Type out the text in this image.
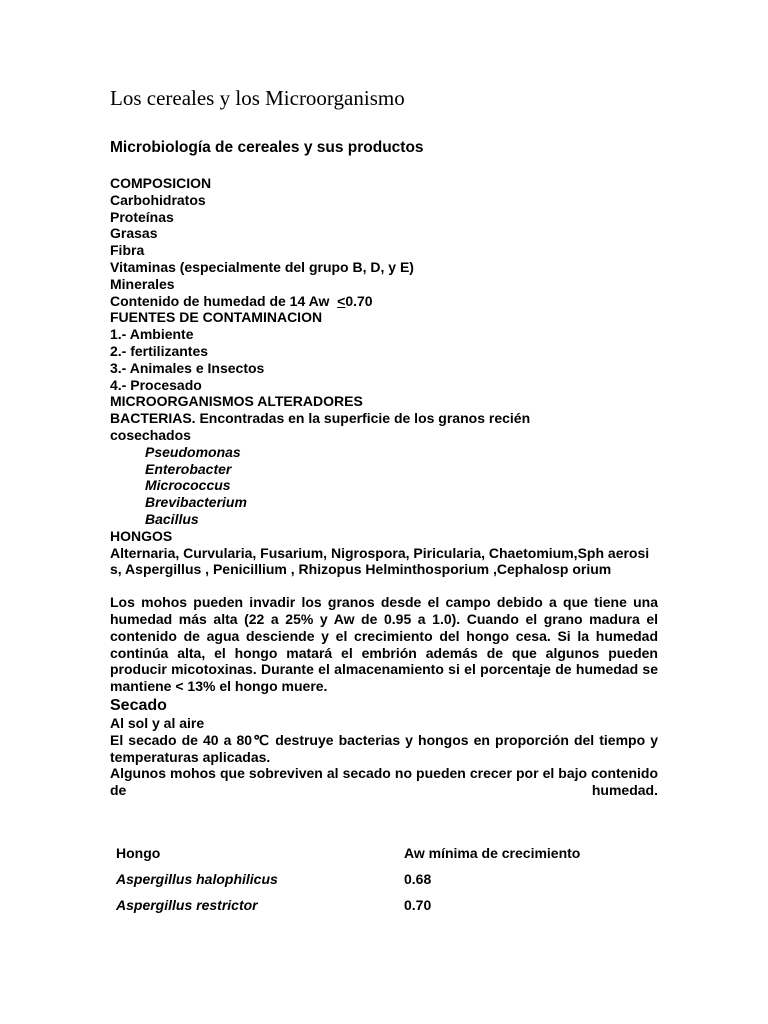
Los cereales y los Microorganismo
Microbiología de cereales y sus productos
COMPOSICION
Carbohidratos
Proteínas
Grasas
Fibra
Vitaminas (especialmente del grupo B, D, y E)
Minerales
Contenido de humedad de 14 Aw  <0.70
FUENTES DE CONTAMINACION
1.- Ambiente
2.- fertilizantes
3.- Animales e Insectos
4.- Procesado
MICROORGANISMOS ALTERADORES
BACTERIAS. Encontradas en la superficie de los granos recién
cosechados
Pseudomonas
Enterobacter
Micrococcus
Brevibacterium
Bacillus
HONGOS
Alternaria, Curvularia, Fusarium, Nigrospora, Piricularia, Chaetomium,Sph aerosis, Aspergillus , Penicillium , Rhizopus Helminthosporium ,Cephalosp orium
Los mohos pueden invadir los granos desde el campo debido a que tiene una humedad más alta (22 a 25% y Aw de 0.95 a 1.0). Cuando el grano madura el contenido de agua desciende y el crecimiento del hongo cesa. Si la humedad continúa alta, el hongo matará el embrión además de que algunos pueden producir micotoxinas. Durante el almacenamiento si el porcentaje de humedad se mantiene < 13% el hongo muere.
Secado
Al sol y al aire
El secado de 40 a 80℃ destruye bacterias y hongos en proporción del tiempo y temperaturas aplicadas.
Algunos mohos que sobreviven al secado no pueden crecer por el bajo contenido de humedad.
Hongo	Aw mínima de crecimiento
Aspergillus halophilicus	0.68
Aspergillus restrictor	0.70
